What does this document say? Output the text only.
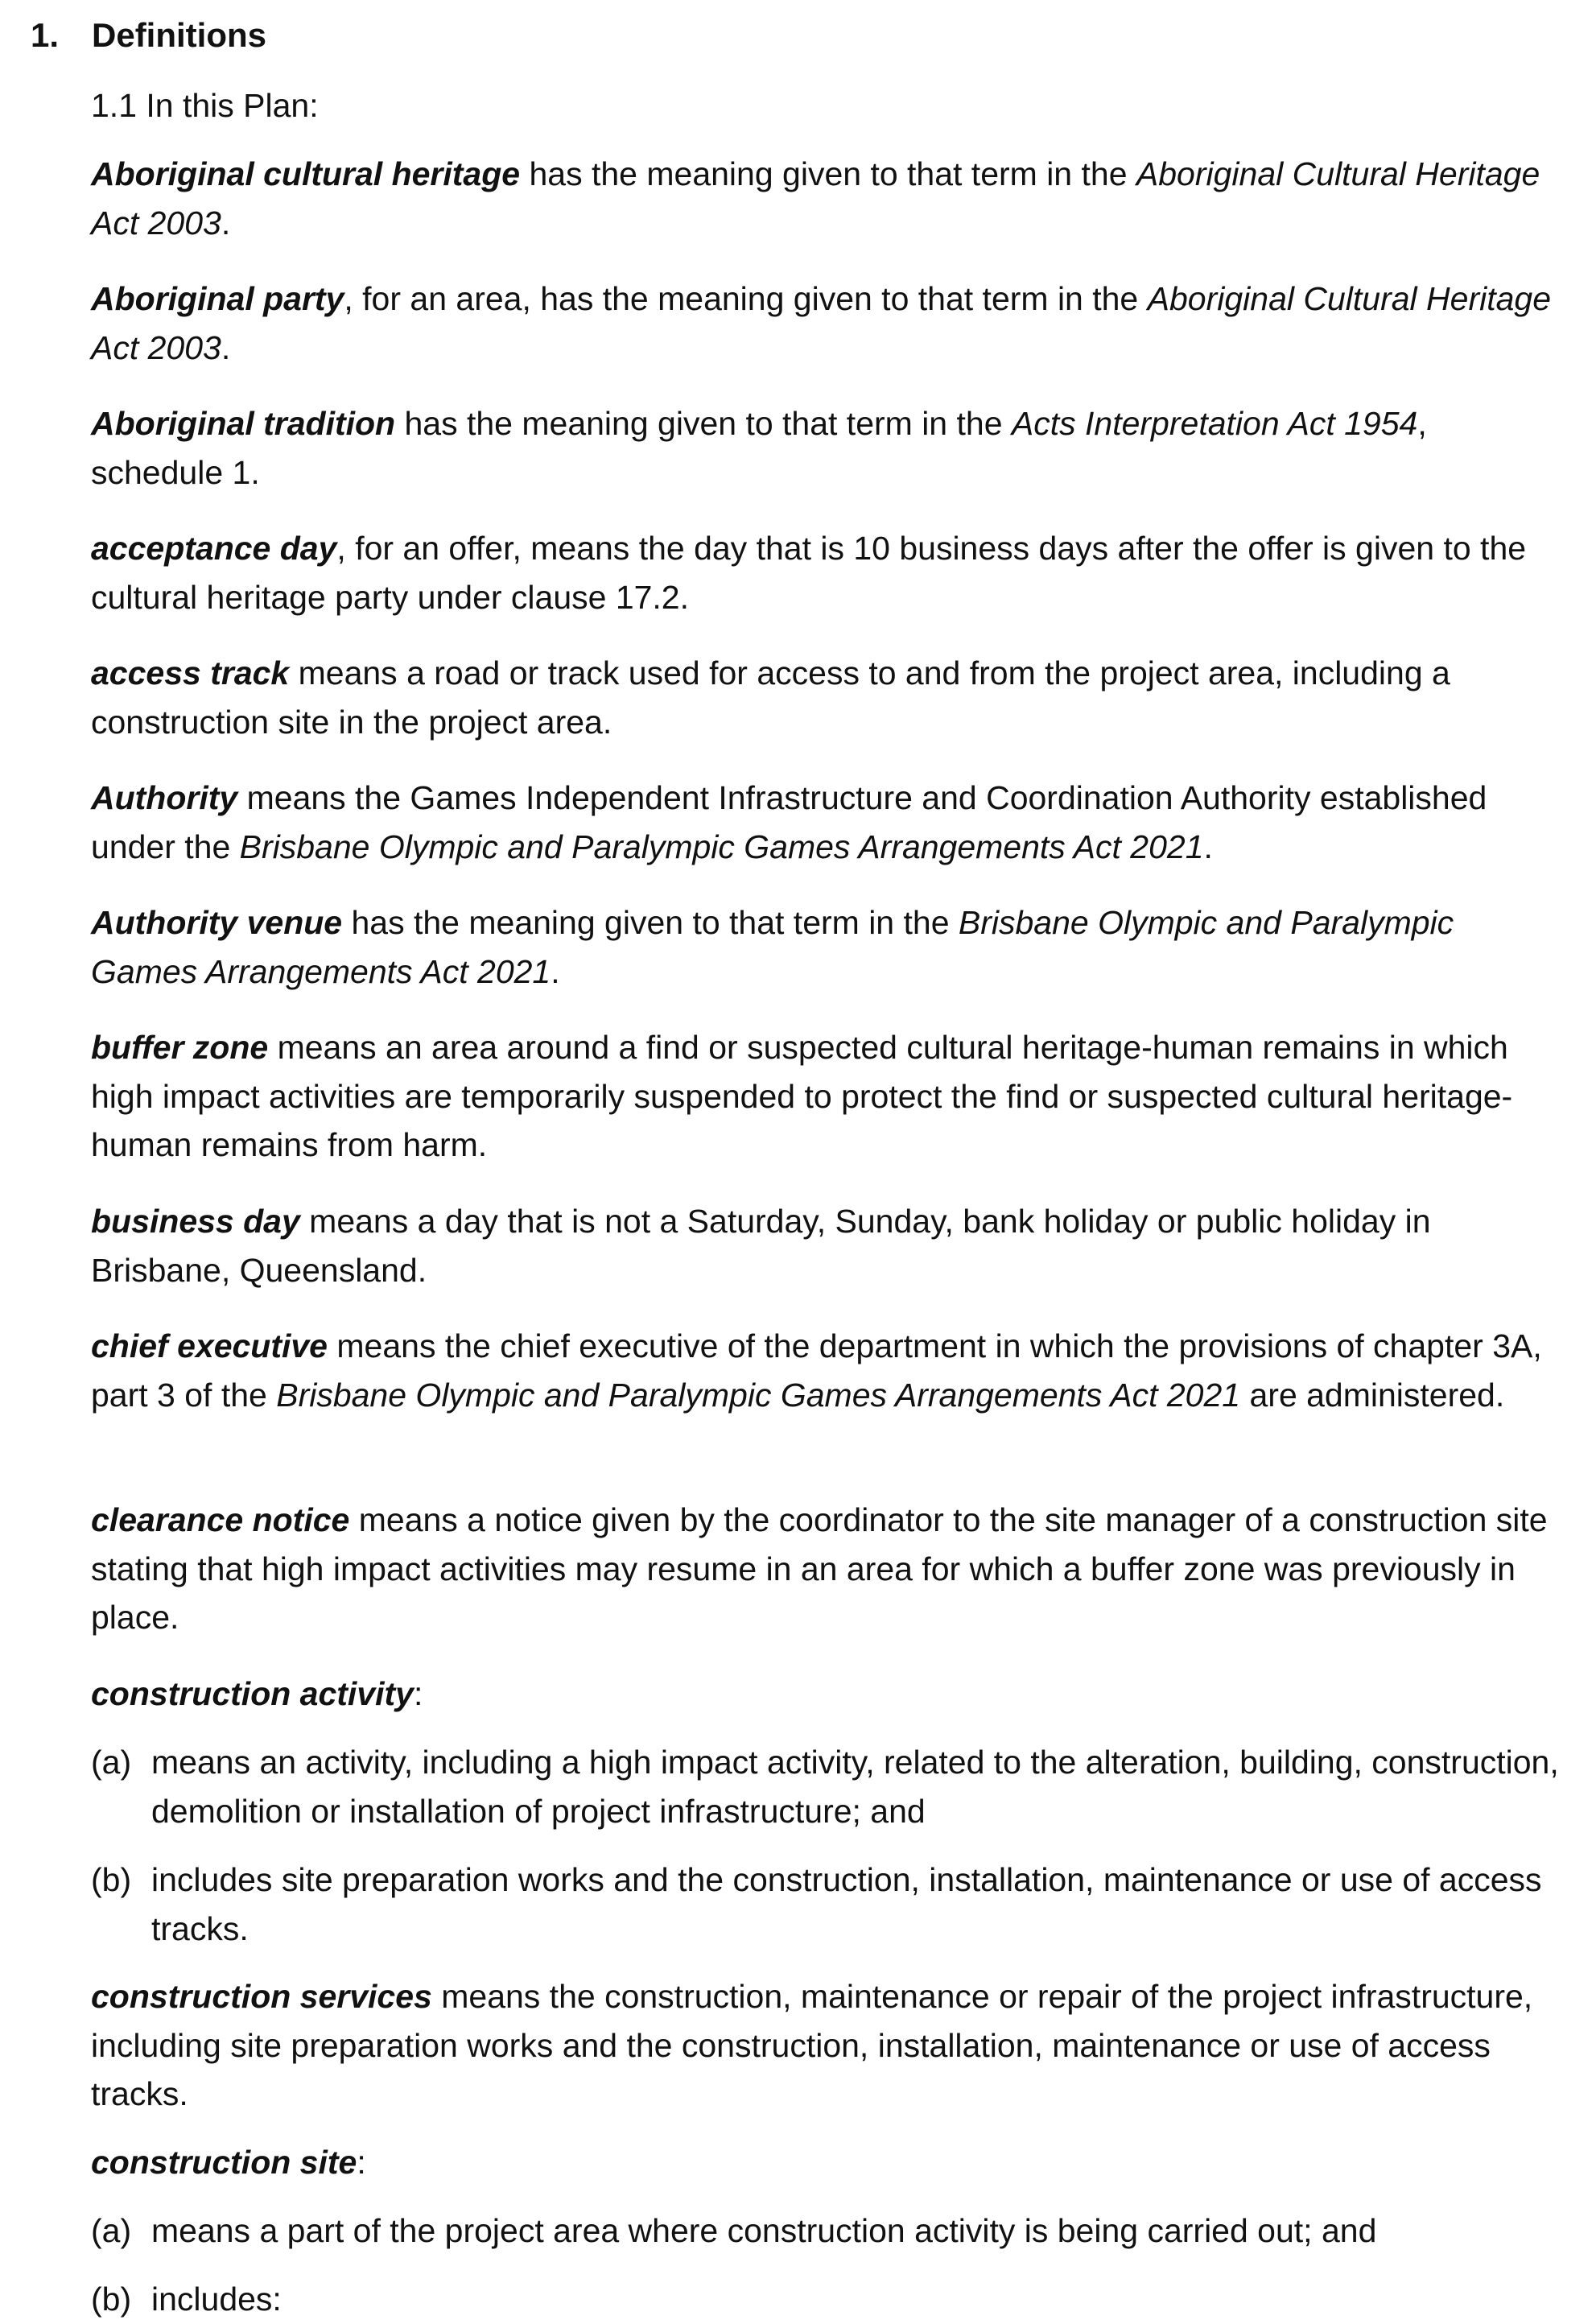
1. Definitions
1.1 In this Plan:

Aboriginal cultural heritage has the meaning given to that term in the Aboriginal Cultural Heritage Act 2003.

Aboriginal party, for an area, has the meaning given to that term in the Aboriginal Cultural Heritage Act 2003.

Aboriginal tradition has the meaning given to that term in the Acts Interpretation Act 1954, schedule 1.

acceptance day, for an offer, means the day that is 10 business days after the offer is given to the cultural heritage party under clause 17.2.

access track means a road or track used for access to and from the project area, including a construction site in the project area.

Authority means the Games Independent Infrastructure and Coordination Authority established under the Brisbane Olympic and Paralympic Games Arrangements Act 2021.

Authority venue has the meaning given to that term in the Brisbane Olympic and Paralympic Games Arrangements Act 2021.

buffer zone means an area around a find or suspected cultural heritage-human remains in which high impact activities are temporarily suspended to protect the find or suspected cultural heritage-human remains from harm.

business day means a day that is not a Saturday, Sunday, bank holiday or public holiday in Brisbane, Queensland.

chief executive means the chief executive of the department in which the provisions of chapter 3A, part 3 of the Brisbane Olympic and Paralympic Games Arrangements Act 2021 are administered.

clearance notice means a notice given by the coordinator to the site manager of a construction site stating that high impact activities may resume in an area for which a buffer zone was previously in place.

construction activity:

(a) means an activity, including a high impact activity, related to the alteration, building, construction, demolition or installation of project infrastructure; and
(b) includes site preparation works and the construction, installation, maintenance or use of access tracks.

construction services means the construction, maintenance or repair of the project infrastructure, including site preparation works and the construction, installation, maintenance or use of access tracks.

construction site:

(a) means a part of the project area where construction activity is being carried out; and
(b) includes:
